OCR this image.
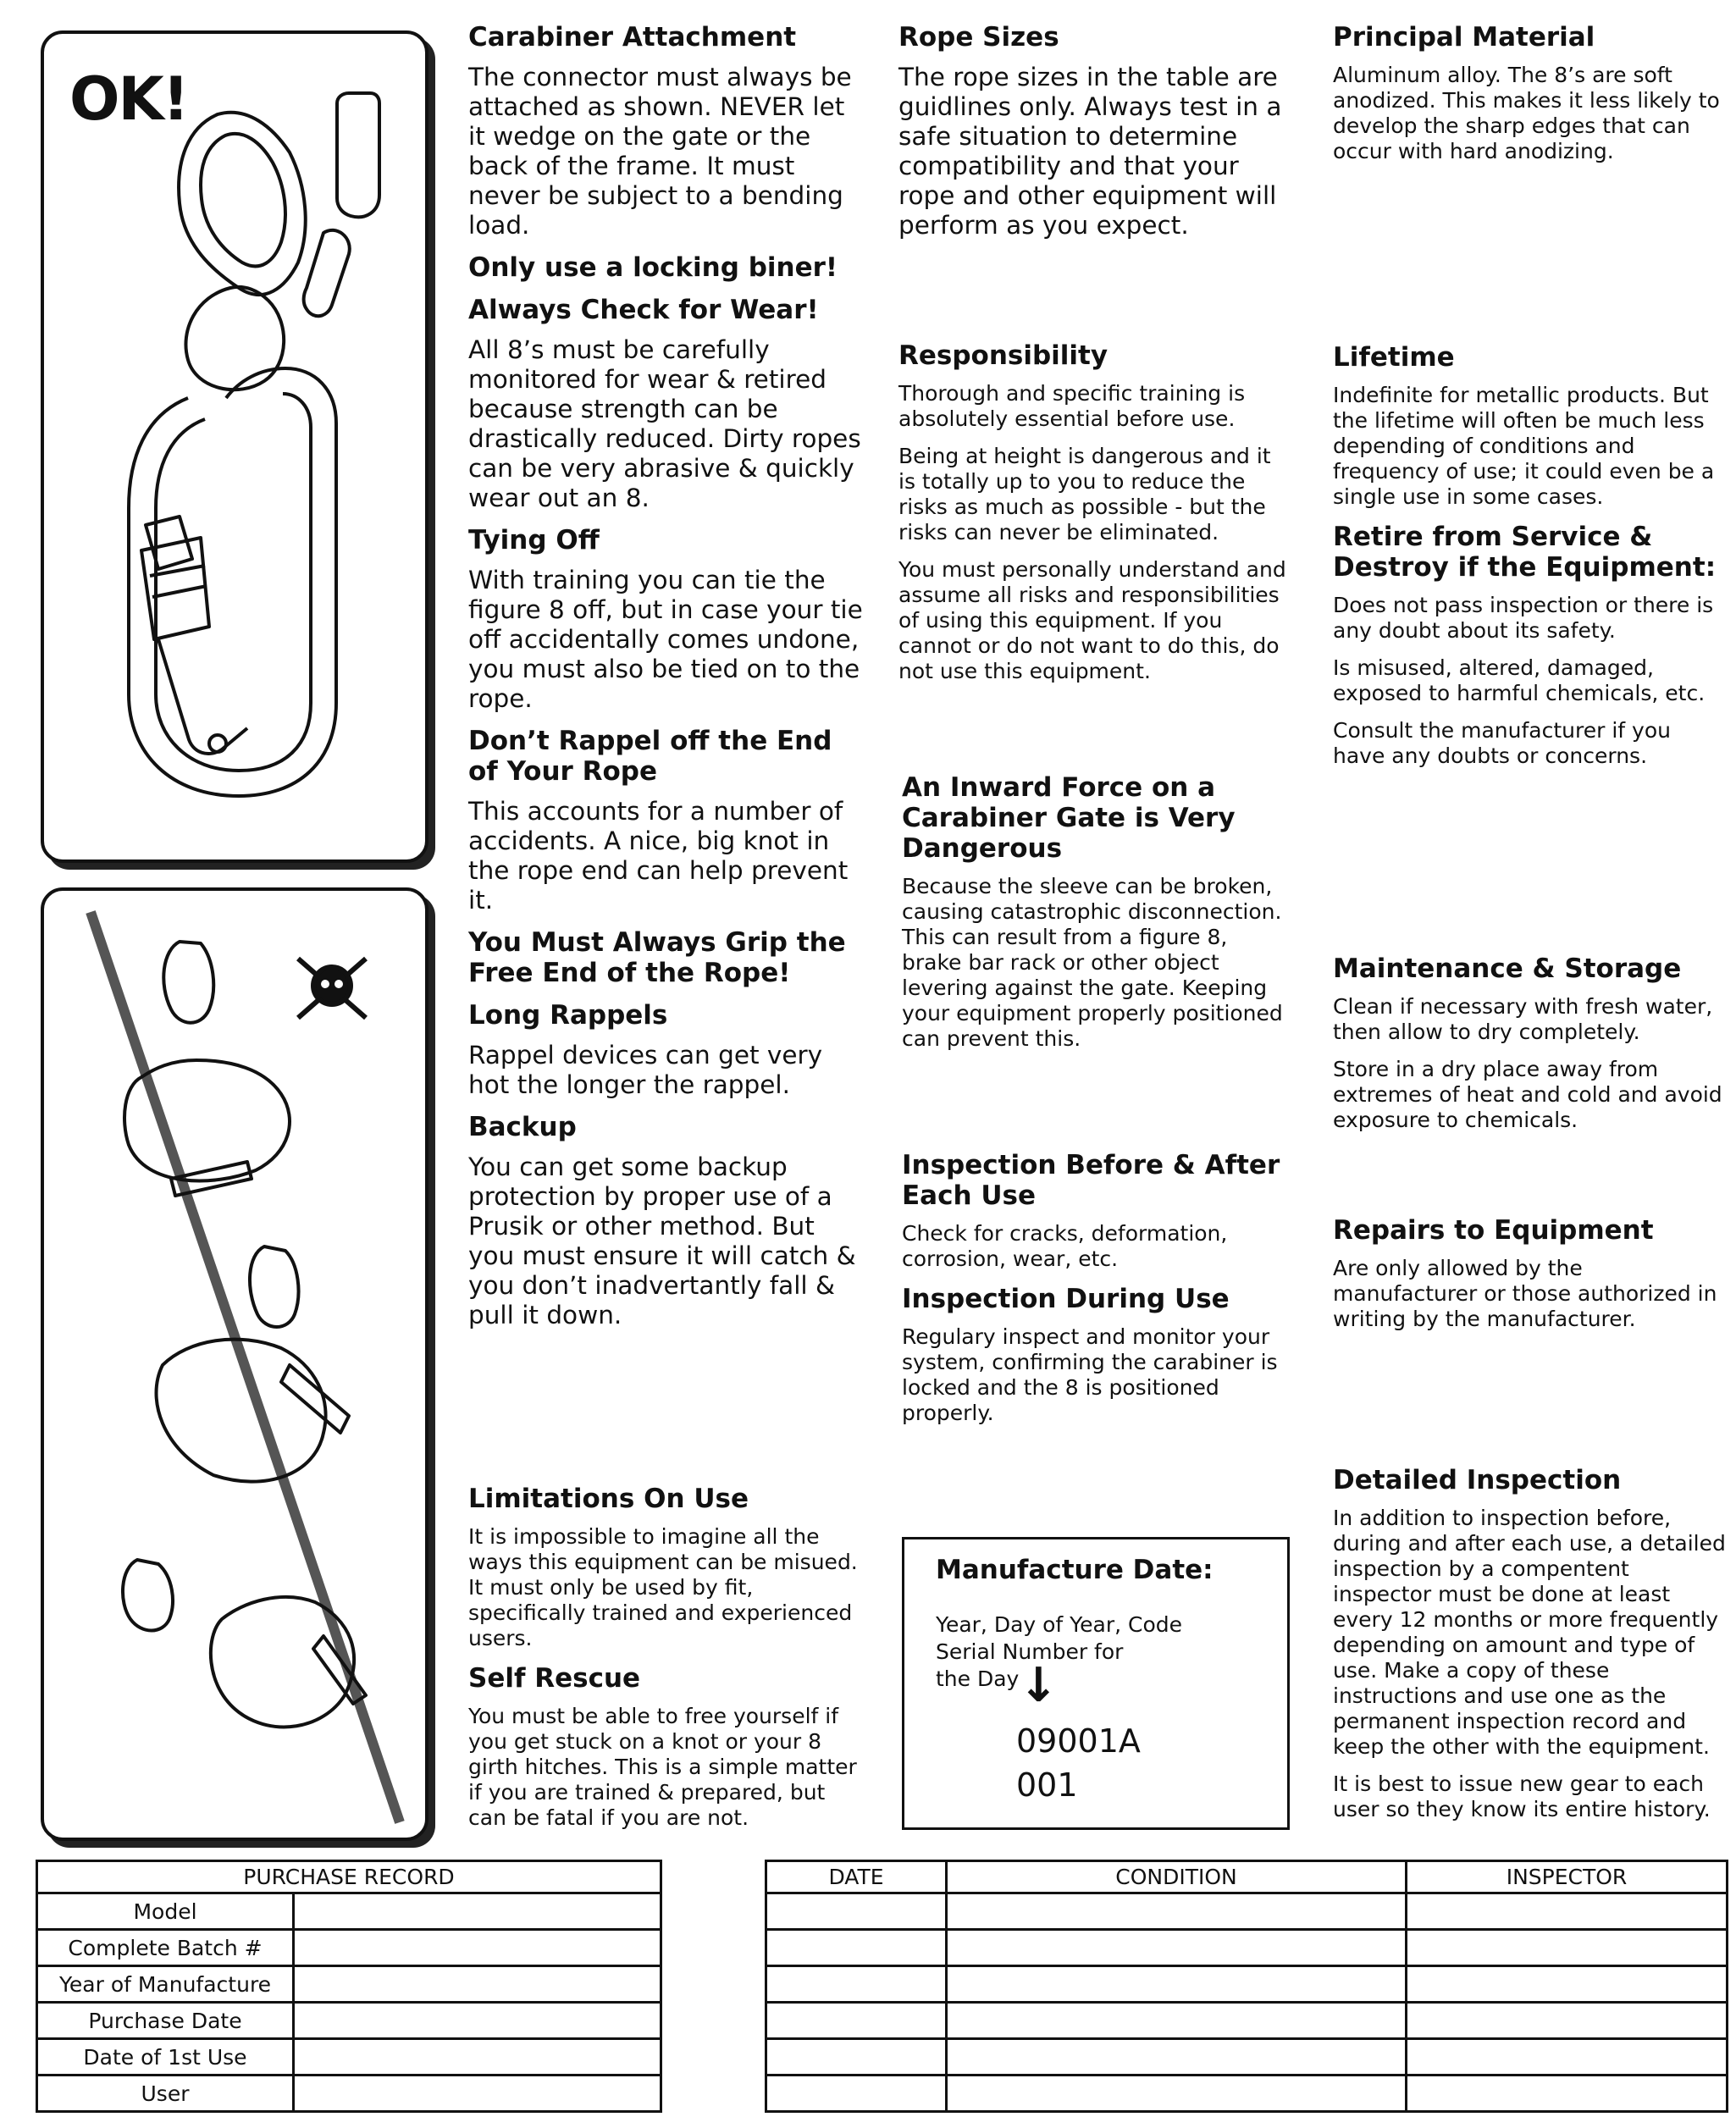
OK!
Carabiner Attachment
The connector must always be attached as shown. NEVER let it wedge on the gate or the back of the frame. It must never be subject to a bending load.
Only use a locking biner!
Always Check for Wear!
All 8’s must be carefully monitored for wear & retired because strength can be drastically reduced. Dirty ropes can be very abrasive & quickly wear out an 8.
Tying Off
With training you can tie the figure 8 off, but in case your tie off accidentally comes undone, you must also be tied on to the rope.
Don’t Rappel off the End of Your Rope
This accounts for a number of accidents. A nice, big knot in the rope end can help prevent it.
You Must Always Grip the Free End of the Rope!
Long Rappels
Rappel devices can get very hot the longer the rappel.
Backup
You can get some backup protection by proper use of a Prusik or other method. But you must ensure it will catch & you don’t inadvertantly fall & pull it down.
Limitations On Use
It is impossible to imagine all the ways this equipment can be misued. It must only be used by fit, specifically trained and experienced users.
Self Rescue
You must be able to free yourself if you get stuck on a knot or your 8 girth hitches. This is a simple matter if you are trained & prepared, but can be fatal if you are not.
Rope Sizes
The rope sizes in the table are guidlines only. Always test in a safe situation to determine compatibility and that your rope and other equipment will perform as you expect.
Responsibility
Thorough and specific training is absolutely essential before use.
Being at height is dangerous and it is totally up to you to reduce the risks as much as possible - but the risks can never be eliminated.
You must personally understand and assume all risks and responsibilities of using this equipment. If you cannot or do not want to do this, do not use this equipment.
An Inward Force on a Carabiner Gate is Very Dangerous
Because the sleeve can be broken, causing catastrophic disconnection. This can result from a figure 8, brake bar rack or other object levering against the gate. Keeping your equipment properly positioned can prevent this.
Inspection Before & After Each Use
Check for cracks, deformation, corrosion, wear, etc.
Inspection During Use
Regulary inspect and monitor your system, confirming the carabiner is locked and the 8 is positioned properly.
Manufacture Date:
Year, Day of Year, Code
Serial Number for
the Day ↓
09001A
001
Principal Material
Aluminum alloy. The 8’s are soft anodized. This makes it less likely to develop the sharp edges that can occur with hard anodizing.
Lifetime
Indefinite for metallic products. But the lifetime will often be much less depending of conditions and frequency of use; it could even be a single use in some cases.
Retire from Service & Destroy if the Equipment:
Does not pass inspection or there is any doubt about its safety.
Is misused, altered, damaged, exposed to harmful chemicals, etc.
Consult the manufacturer if you have any doubts or concerns.
Maintenance & Storage
Clean if necessary with fresh water, then allow to dry completely.
Store in a dry place away from extremes of heat and cold and avoid exposure to chemicals.
Repairs to Equipment
Are only allowed by the manufacturer or those authorized in writing by the manufacturer.
Detailed Inspection
In addition to inspection before, during and after each use, a detailed inspection by a compentent inspector must be done at least every 12 months or more frequently depending on amount and type of use. Make a copy of these instructions and use one as the permanent inspection record and keep the other with the equipment.
It is best to issue new gear to each user so they know its entire history.
PURCHASE RECORD	
Model	
Complete Batch #	
Year of Manufacture	
Purchase Date	
Date of 1st Use	
User	
DATE	CONDITION	INSPECTOR
